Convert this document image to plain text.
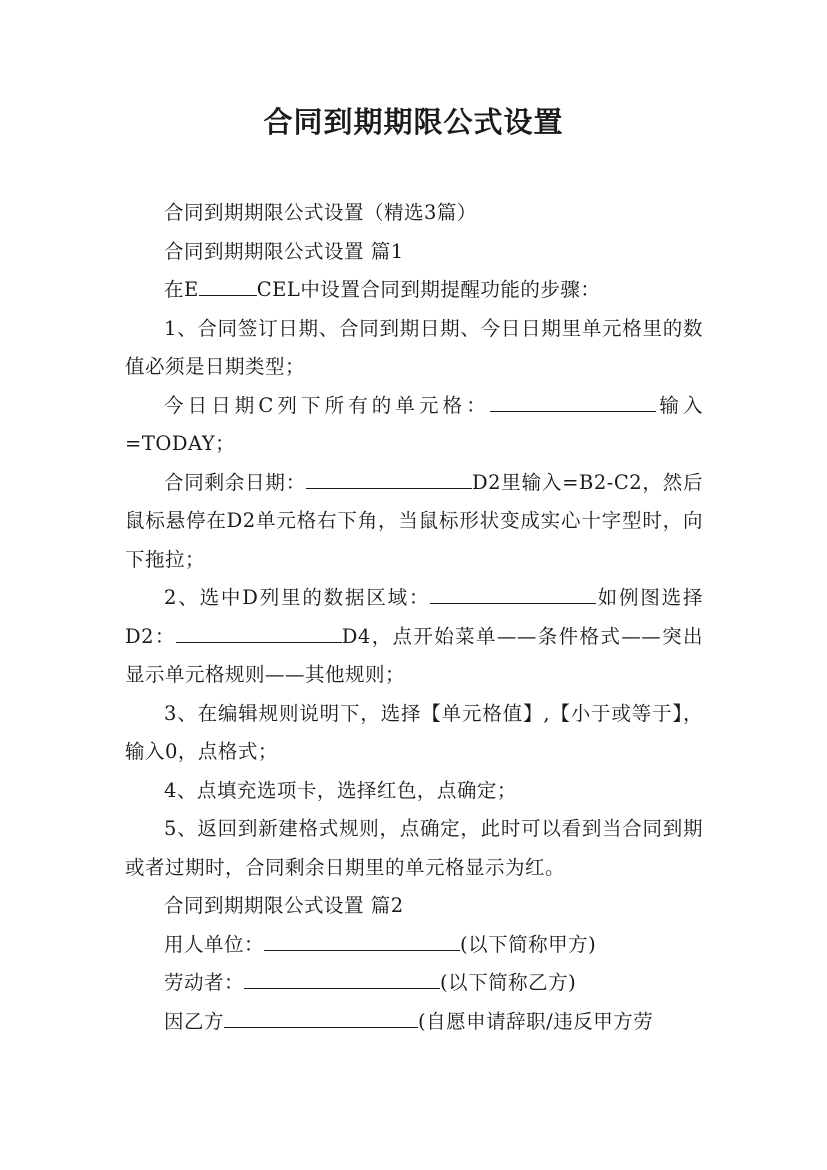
合同到期期限公式设置

合同到期期限公式设置（精选3篇）

合同到期期限公式设置 篇1

在E	CEL中设置合同到期提醒功能的步骤：

1、合同签订日期、合同到期日期、今日日期里单元格里的数值必须是日期类型；

今日日期C列下所有的单元格：	输入=TODAY；

合同剩余日期：	D2里输入=B2-C2，然后鼠标悬停在D2单元格右下角，当鼠标形状变成实心十字型时，向下拖拉；

2、选中D列里的数据区域：	如例图选择D2：	D4，点开始菜单——条件格式——突出显示单元格规则——其他规则；

3、在编辑规则说明下，选择【单元格值】,【小于或等于】，输入0，点格式；

4、点填充选项卡，选择红色，点确定；

5、返回到新建格式规则，点确定，此时可以看到当合同到期或者过期时，合同剩余日期里的单元格显示为红。

合同到期期限公式设置 篇2

用人单位：	(以下简称甲方)

劳动者：	(以下简称乙方)

因乙方	(自愿申请辞职/违反甲方劳
